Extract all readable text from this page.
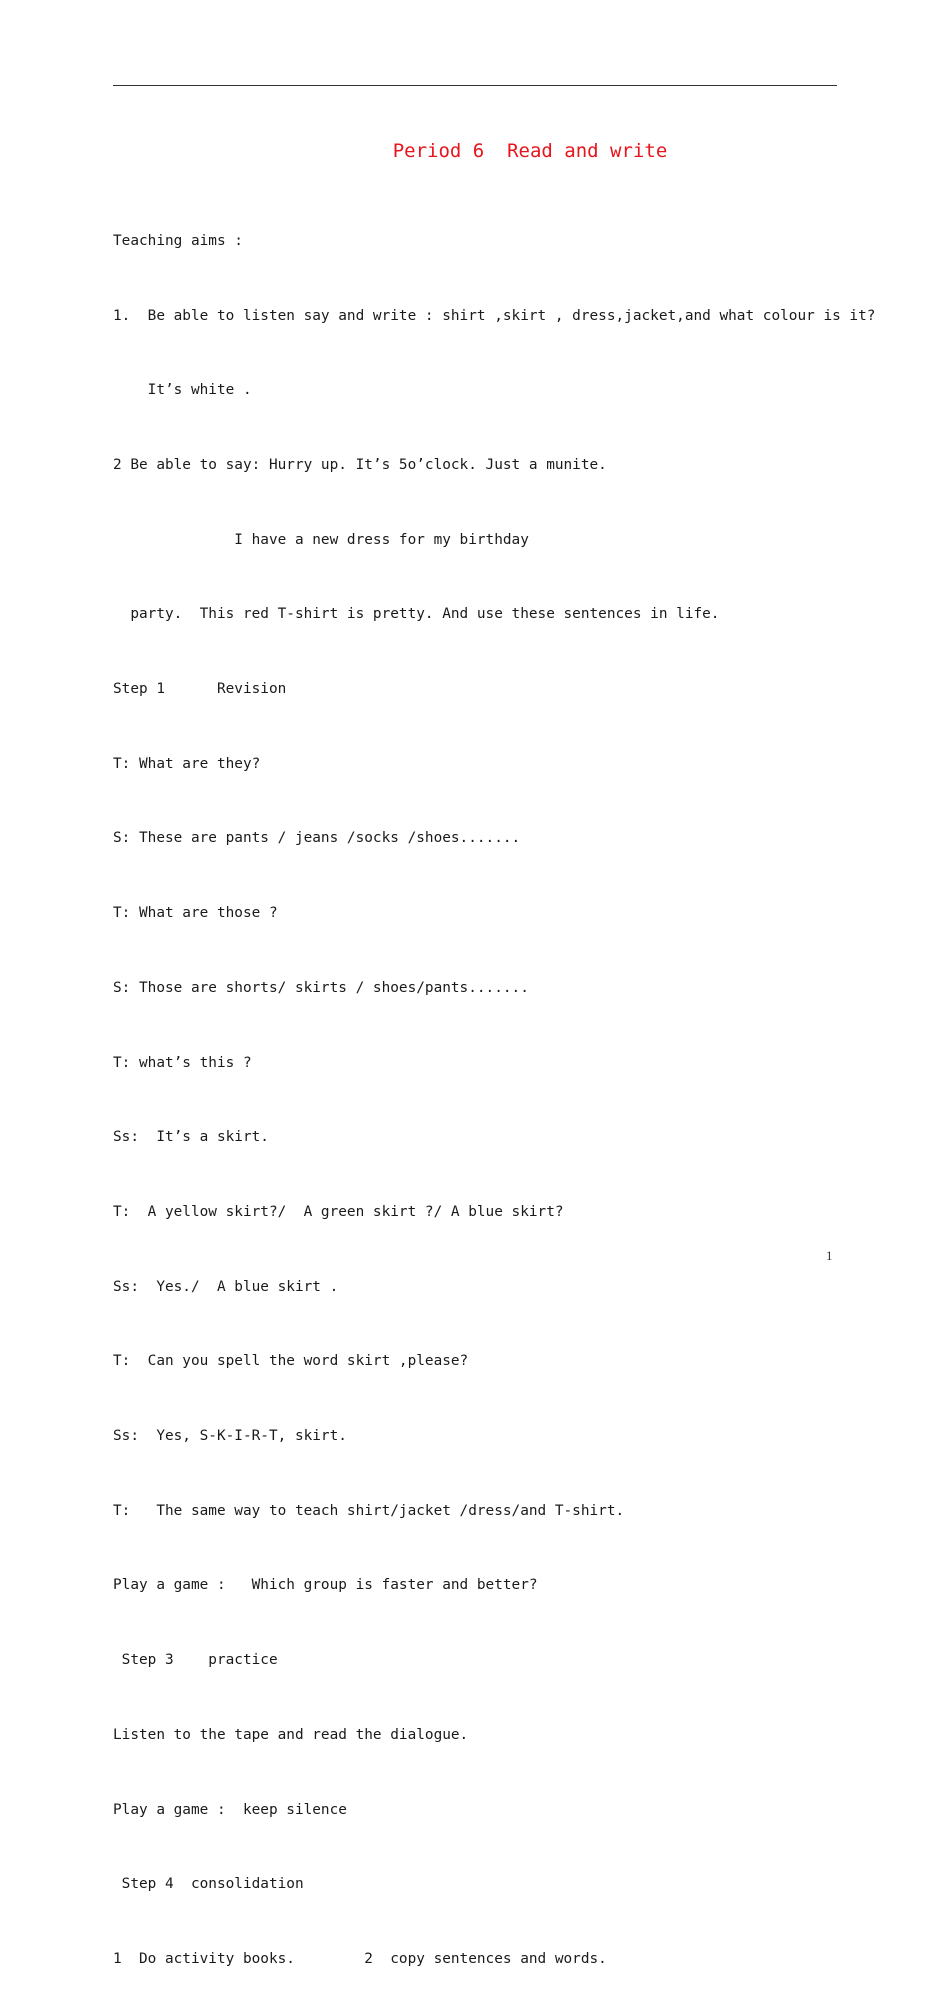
Period 6  Read and write

Teaching aims :

1.  Be able to listen say and write : shirt ,skirt , dress,jacket,and what colour is it?

It’s white .

2 Be able to say: Hurry up. It’s 5o’clock. Just a munite.

I have a new dress for my birthday

party.  This red T-shirt is pretty. And use these sentences in life.

Step 1      Revision

T: What are they?

S: These are pants / jeans /socks /shoes.......

T: What are those ?

S: Those are shorts/ skirts / shoes/pants.......

T: what’s this ?

Ss:  It’s a skirt.

T:  A yellow skirt?/  A green skirt ?/ A blue skirt?

Ss:  Yes./  A blue skirt .

T:  Can you spell the word skirt ,please?

Ss:  Yes, S-K-I-R-T, skirt.

T:   The same way to teach shirt/jacket /dress/and T-shirt.

Play a game :   Which group is faster and better?

Step 3    practice

Listen to the tape and read the dialogue.

Play a game :  keep silence

Step 4  consolidation

1  Do activity books.        2  copy sentences and words.

1
